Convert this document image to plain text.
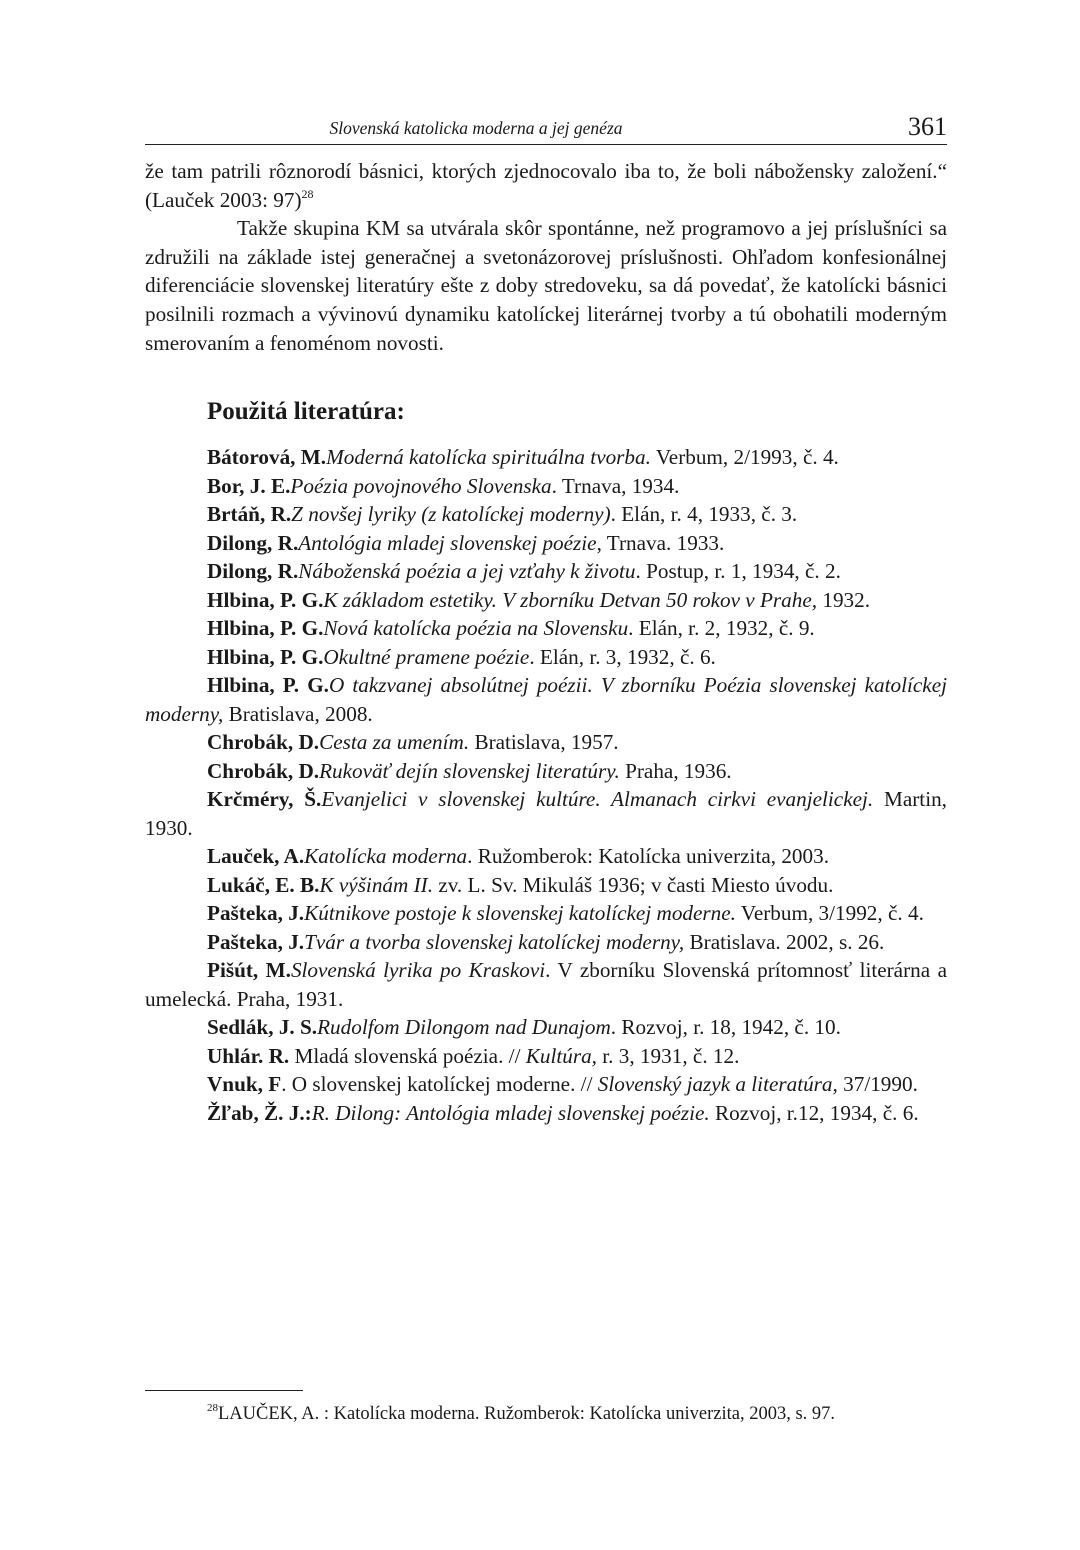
Slovenská katolicka moderna a jej genéza	361

že tam patrili rôznorodí básnici, ktorých zjednocovalo iba to, že boli nábožensky založení.“ (Lauček 2003: 97)$^{28}$

Takže skupina KM sa utvárala skôr spontánne, než programovo a jej príslušníci sa združili na základe istej generačnej a svetonázorovej príslušnosti. Ohľadom konfesionálnej diferenciácie slovenskej literatúry ešte z doby stredoveku, sa dá povedať, že katolícki básnici posilnili rozmach a vývinovú dynamiku katolíckej literárnej tvorby a tú obohatili moderným smerovaním a fenoménom novosti.

Použitá literatúra:

Bátorová, M.Moderná katolícka spirituálna tvorba. Verbum, 2/1993, č. 4.

Bor, J. E.Poézia povojnového Slovenska. Trnava, 1934.

Brtáň, R.Z novšej lyriky (z katolíckej moderny). Elán, r. 4, 1933, č. 3.

Dilong, R.Antológia mladej slovenskej poézie, Trnava. 1933.

Dilong, R.Náboženská poézia a jej vzťahy k životu. Postup, r. 1, 1934, č. 2.

Hlbina, P. G.K základom estetiky. V zborníku Detvan 50 rokov v Prahe, 1932.

Hlbina, P. G.Nová katolícka poézia na Slovensku. Elán, r. 2, 1932, č. 9.

Hlbina, P. G.Okultné pramene poézie. Elán, r. 3, 1932, č. 6.

Hlbina, P. G.O takzvanej absolútnej poézii. V zborníku Poézia slovenskej katolíckej moderny, Bratislava, 2008.

Chrobák, D.Cesta za umením. Bratislava, 1957.

Chrobák, D.Rukoväť dejín slovenskej literatúry. Praha, 1936.

Krčméry, Š.Evanjelici v slovenskej kultúre. Almanach cirkvi evanjelickej. Martin, 1930.

Lauček, A.Katolícka moderna. Ružomberok: Katolícka univerzita, 2003.

Lukáč, E. B.K výšinám II. zv. L. Sv. Mikuláš 1936; v časti Miesto úvodu.

Pašteka, J.Kútnikove postoje k slovenskej katolíckej moderne. Verbum, 3/1992, č. 4.

Pašteka, J.Tvár a tvorba slovenskej katolíckej moderny, Bratislava. 2002, s. 26.

Pišút, M.Slovenská lyrika po Kraskovi. V zborníku Slovenská prítomnosť literárna a umelecká. Praha, 1931.

Sedlák, J. S.Rudolfom Dilongom nad Dunajom. Rozvoj, r. 18, 1942, č. 10.

Uhlár. R. Mladá slovenská poézia. // Kultúra, r. 3, 1931, č. 12.

Vnuk, F. O slovenskej katolíckej moderne. // Slovenský jazyk a literatúra, 37/1990.

Žľab, Ž. J.:R. Dilong: Antológia mladej slovenskej poézie. Rozvoj, r.12, 1934, č. 6.

$^{28}$LAUČEK, A. : Katolícka moderna. Ružomberok: Katolícka univerzita, 2003, s. 97.
